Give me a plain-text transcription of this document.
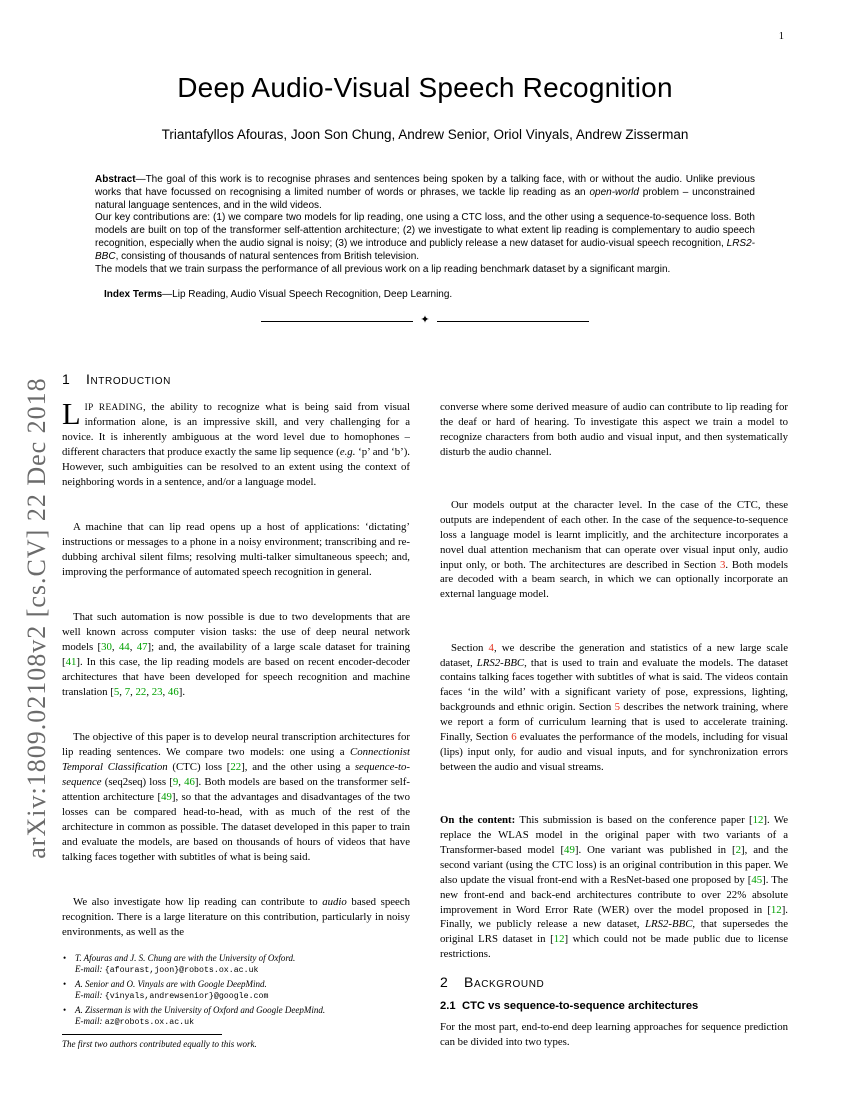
1
arXiv:1809.02108v2 [cs.CV] 22 Dec 2018
Deep Audio-Visual Speech Recognition
Triantafyllos Afouras, Joon Son Chung, Andrew Senior, Oriol Vinyals, Andrew Zisserman

Abstract—The goal of this work is to recognise phrases and sentences being spoken by a talking face, with or without the audio. Unlike previous works that have focussed on recognising a limited number of words or phrases, we tackle lip reading as an open-world problem – unconstrained natural language sentences, and in the wild videos.

Our key contributions are: (1) we compare two models for lip reading, one using a CTC loss, and the other using a sequence-to-sequence loss. Both models are built on top of the transformer self-attention architecture; (2) we investigate to what extent lip reading is complementary to audio speech recognition, especially when the audio signal is noisy; (3) we introduce and publicly release a new dataset for audio-visual speech recognition, LRS2-BBC, consisting of thousands of natural sentences from British television.

The models that we train surpass the performance of all previous work on a lip reading benchmark dataset by a significant margin.

Index Terms—Lip Reading, Audio Visual Speech Recognition, Deep Learning.

✦
1 Introduction

LIP READING, the ability to recognize what is being said from visual information alone, is an impressive skill, and very challenging for a novice. It is inherently ambiguous at the word level due to homophones – different characters that produce exactly the same lip sequence (e.g. ‘p’ and ‘b’). However, such ambiguities can be resolved to an extent using the context of neighboring words in a sentence, and/or a language model.

A machine that can lip read opens up a host of applications: ‘dictating’ instructions or messages to a phone in a noisy environment; transcribing and re-dubbing archival silent films; resolving multi-talker simultaneous speech; and, improving the performance of automated speech recognition in general.

That such automation is now possible is due to two developments that are well known across computer vision tasks: the use of deep neural network models [30, 44, 47]; and, the availability of a large scale dataset for training [41]. In this case, the lip reading models are based on recent encoder-decoder architectures that have been developed for speech recognition and machine translation [5, 7, 22, 23, 46].

The objective of this paper is to develop neural transcription architectures for lip reading sentences. We compare two models: one using a Connectionist Temporal Classification (CTC) loss [22], and the other using a sequence-to-sequence (seq2seq) loss [9, 46]. Both models are based on the transformer self-attention architecture [49], so that the advantages and disadvantages of the two losses can be compared head-to-head, with as much of the rest of the architecture in common as possible. The dataset developed in this paper to train and evaluate the models, are based on thousands of hours of videos that have talking faces together with subtitles of what is being said.

We also investigate how lip reading can contribute to audio based speech recognition. There is a large literature on this contribution, particularly in noisy environments, as well as the

• T. Afouras and J. S. Chung are with the University of Oxford.
E-mail: {afourast,joon}@robots.ox.ac.uk

• A. Senior and O. Vinyals are with Google DeepMind.
E-mail: {vinyals,andrewsenior}@google.com

• A. Zisserman is with the University of Oxford and Google DeepMind.
E-mail: az@robots.ox.ac.uk

The first two authors contributed equally to this work.

converse where some derived measure of audio can contribute to lip reading for the deaf or hard of hearing. To investigate this aspect we train a model to recognize characters from both audio and visual input, and then systematically disturb the audio channel.

Our models output at the character level. In the case of the CTC, these outputs are independent of each other. In the case of the sequence-to-sequence loss a language model is learnt implicitly, and the architecture incorporates a novel dual attention mechanism that can operate over visual input only, audio input only, or both. The architectures are described in Section 3. Both models are decoded with a beam search, in which we can optionally incorporate an external language model.

Section 4, we describe the generation and statistics of a new large scale dataset, LRS2-BBC, that is used to train and evaluate the models. The dataset contains talking faces together with subtitles of what is said. The videos contain faces ‘in the wild’ with a significant variety of pose, expressions, lighting, backgrounds and ethnic origin. Section 5 describes the network training, where we report a form of curriculum learning that is used to accelerate training. Finally, Section 6 evaluates the performance of the models, including for visual (lips) input only, for audio and visual inputs, and for synchronization errors between the audio and visual streams.

On the content: This submission is based on the conference paper [12]. We replace the WLAS model in the original paper with two variants of a Transformer-based model [49]. One variant was published in [2], and the second variant (using the CTC loss) is an original contribution in this paper. We also update the visual front-end with a ResNet-based one proposed by [45]. The new front-end and back-end architectures contribute to over 22% absolute improvement in Word Error Rate (WER) over the model proposed in [12]. Finally, we publicly release a new dataset, LRS2-BBC, that supersedes the original LRS dataset in [12] which could not be made public due to license restrictions.

2 Background
2.1 CTC vs sequence-to-sequence architectures

For the most part, end-to-end deep learning approaches for sequence prediction can be divided into two types.
